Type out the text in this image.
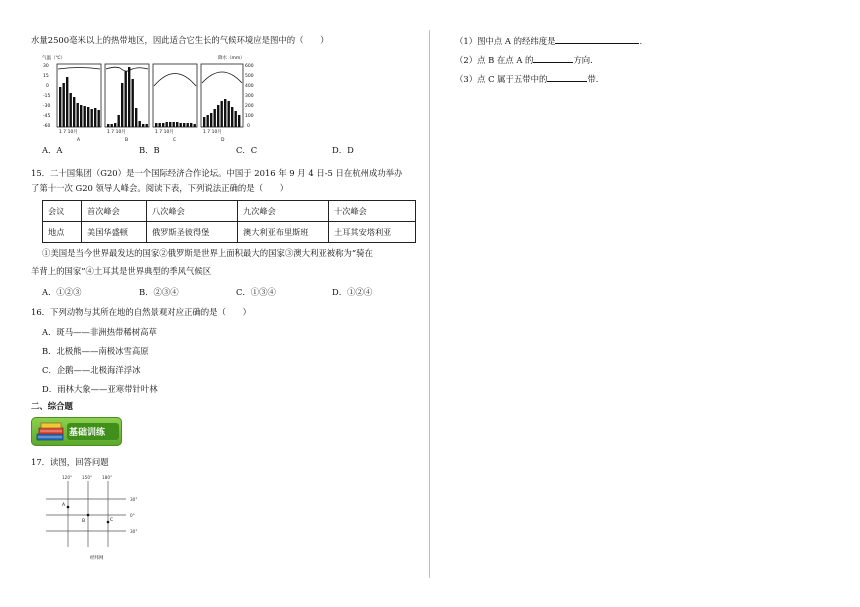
水量2500毫米以上的热带地区，因此适合它生长的气候环境应是图中的（　　）
气温（℃）	降水（mm）
30
15
0
-15
-30
-45
-60
600
500
400
300
200
100
0
1 7 10月	1 7 10月	1 7 10月	1 7 10月
A	B	C	D
A．A	B．B	C．C	D．D
15．二十国集团（G20）是一个国际经济合作论坛。中国于 2016 年 9 月 4 日-5 日在杭州成功举办
了第十一次 G20 领导人峰会。阅读下表，下列说法正确的是（　　）
会议	首次峰会	八次峰会	九次峰会	十次峰会
地点	美国华盛顿	俄罗斯圣彼得堡	澳大利亚布里斯班	土耳其安塔利亚
①美国是当今世界最发达的国家②俄罗斯是世界上面积最大的国家③澳大利亚被称为“骑在
羊背上的国家”④土耳其是世界典型的季风气候区
A．①②③	B．②③④	C．①③④	D．①②④
16．下列动物与其所在地的自然景观对应正确的是（　　）
A．斑马——非洲热带稀树高草
B．北极熊——南极冰雪高原
C．企鹅——北极海洋浮冰
D．雨林大象——亚寒带针叶林
二、综合题
基础训练
17．读图，回答问题
120° 150° 180°
30°
0°
30°
A
B	C
经纬网
（1）图中点 A 的经纬度是	.
（2）点 B 在点 A 的	方向.
（3）点 C 属于五带中的	带.
